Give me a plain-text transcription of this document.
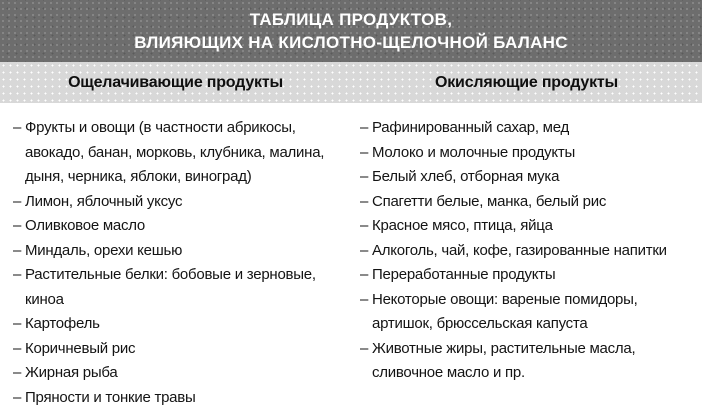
ТАБЛИЦА ПРОДУКТОВ,
ВЛИЯЮЩИХ НА КИСЛОТНО-ЩЕЛОЧНОЙ БАЛАНС
Ощелачивающие продукты	Окисляющие продукты
– Фрукты и овощи (в частности абрикосы,
авокадо, банан, морковь, клубника, малина,
дыня, черника, яблоки, виноград)
– Лимон, яблочный уксус
– Оливковое масло
– Миндаль, орехи кешью
– Растительные белки: бобовые и зерновые,
киноа
– Картофель
– Коричневый рис
– Жирная рыба
– Пряности и тонкие травы
– Рафинированный сахар, мед
– Молоко и молочные продукты
– Белый хлеб, отборная мука
– Спагетти белые, манка, белый рис
– Красное мясо, птица, яйца
– Алкоголь, чай, кофе, газированные напитки
– Переработанные продукты
– Некоторые овощи: вареные помидоры,
артишок, брюссельская капуста
– Животные жиры, растительные масла,
сливочное масло и пр.
